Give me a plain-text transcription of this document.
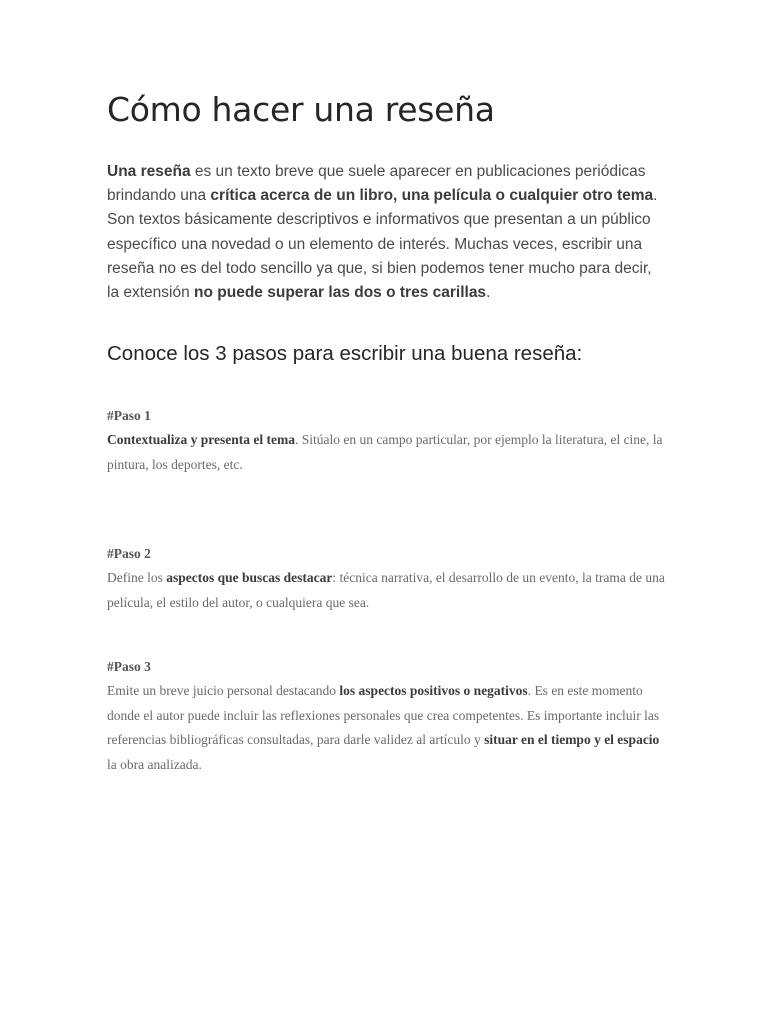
Cómo hacer una reseña

Una reseña es un texto breve que suele aparecer en publicaciones periódicas brindando una crítica acerca de un libro, una película o cualquier otro tema. Son textos básicamente descriptivos e informativos que presentan a un público específico una novedad o un elemento de interés. Muchas veces, escribir una reseña no es del todo sencillo ya que, si bien podemos tener mucho para decir, la extensión no puede superar las dos o tres carillas.

Conoce los 3 pasos para escribir una buena reseña:

#Paso 1

Contextualiza y presenta el tema. Sitúalo en un campo particular, por ejemplo la literatura, el cine, la pintura, los deportes, etc.

#Paso 2

Define los aspectos que buscas destacar: técnica narrativa, el desarrollo de un evento, la trama de una película, el estilo del autor, o cualquiera que sea.

#Paso 3

Emite un breve juicio personal destacando los aspectos positivos o negativos. Es en este momento donde el autor puede incluir las reflexiones personales que crea competentes. Es importante incluir las referencias bibliográficas consultadas, para darle validez al artículo y situar en el tiempo y el espacio la obra analizada.
